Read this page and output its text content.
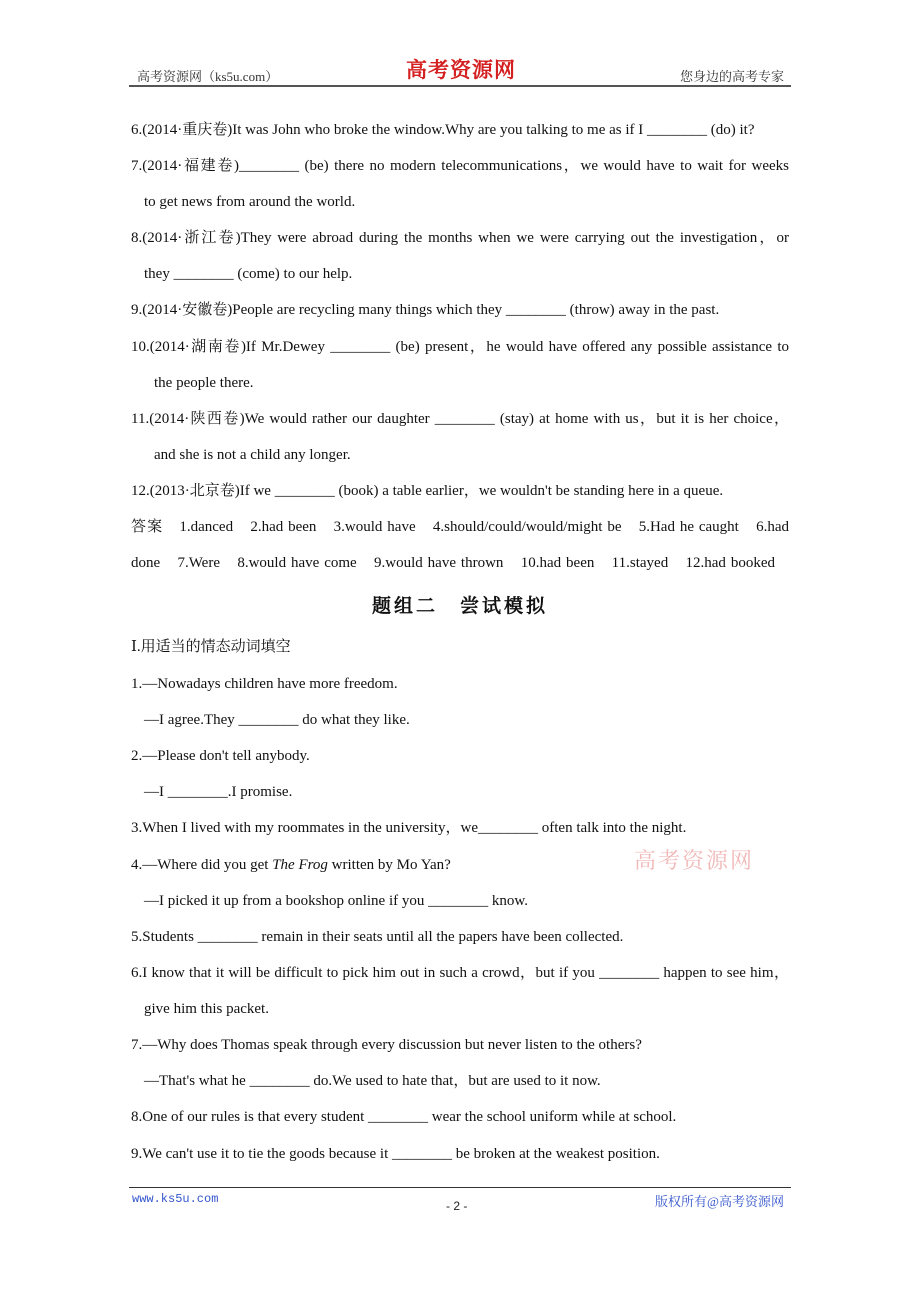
高考资源网（ks5u.com）	高考资源网	您身边的高考专家
6.(2014·重庆卷)It was John who broke the window.Why are you talking to me as if I ________ (do) it?
7.(2014·福建卷)________ (be) there no modern telecommunications，we would have to wait for weeks
to get news from around the world.
8.(2014·浙江卷)They were abroad during the months when we were carrying out the investigation，or
they ________ (come) to our help.
9.(2014·安徽卷)People are recycling many things which they ________ (throw) away in the past.
10.(2014·湖南卷)If Mr.Dewey ________ (be) present，he would have offered any possible assistance to
the people there.
11.(2014·陕西卷)We would rather our daughter ________ (stay) at home with us，but it is her choice，
and she is not a child any longer.
12.(2013·北京卷)If we ________ (book) a table earlier，we wouldn't be standing here in a queue.
答案　1.danced　2.had been　3.would have　4.should/could/would/might be　5.Had he caught　6.had
done　7.Were　8.would have come　9.would have thrown　10.had been　11.stayed　12.had booked
题组二　尝试模拟
Ⅰ.用适当的情态动词填空
1.—Nowadays children have more freedom.
—I agree.They ________ do what they like.
2.—Please don't tell anybody.
—I ________.I promise.
3.When I lived with my roommates in the university，we________ often talk into the night.
4.—Where did you get The Frog written by Mo Yan?	高考资源网
—I picked it up from a bookshop online if you ________ know.
5.Students ________ remain in their seats until all the papers have been collected.
6.I know that it will be difficult to pick him out in such a crowd，but if you ________ happen to see him，
give him this packet.
7.—Why does Thomas speak through every discussion but never listen to the others?
—That's what he ________ do.We used to hate that，but are used to it now.
8.One of our rules is that every student ________ wear the school uniform while at school.
9.We can't use it to tie the goods because it ________ be broken at the weakest position.
www.ks5u.com	- 2 -	版权所有@高考资源网
